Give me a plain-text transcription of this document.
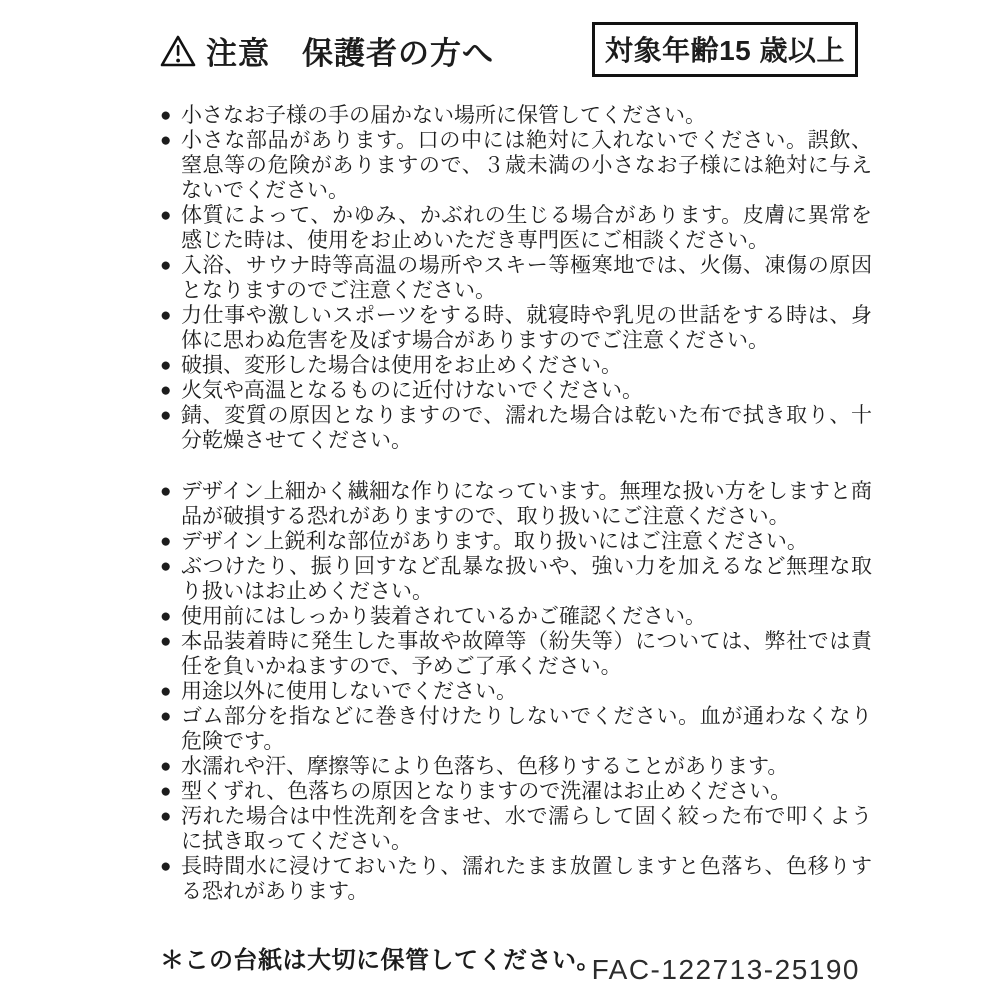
注意 保護者の方へ	対象年齢15 歳以上
● 小さなお子様の手の届かない場所に保管してください。
● 小さな部品があります。口の中には絶対に入れないでください。誤飲、窒息等の危険がありますので、３歳未満の小さなお子様には絶対に与えないでください。
● 体質によって、かゆみ、かぶれの生じる場合があります。皮膚に異常を感じた時は、使用をお止めいただき専門医にご相談ください。
● 入浴、サウナ時等高温の場所やスキー等極寒地では、火傷、凍傷の原因となりますのでご注意ください。
● 力仕事や激しいスポーツをする時、就寝時や乳児の世話をする時は、身体に思わぬ危害を及ぼす場合がありますのでご注意ください。
● 破損、変形した場合は使用をお止めください。
● 火気や高温となるものに近付けないでください。
● 錆、変質の原因となりますので、濡れた場合は乾いた布で拭き取り、十分乾燥させてください。
● デザイン上細かく繊細な作りになっています。無理な扱い方をしますと商品が破損する恐れがありますので、取り扱いにご注意ください。
● デザイン上鋭利な部位があります。取り扱いにはご注意ください。
● ぶつけたり、振り回すなど乱暴な扱いや、強い力を加えるなど無理な取り扱いはお止めください。
● 使用前にはしっかり装着されているかご確認ください。
● 本品装着時に発生した事故や故障等（紛失等）については、弊社では責任を負いかねますので、予めご了承ください。
● 用途以外に使用しないでください。
● ゴム部分を指などに巻き付けたりしないでください。血が通わなくなり危険です。
● 水濡れや汗、摩擦等により色落ち、色移りすることがあります。
● 型くずれ、色落ちの原因となりますので洗濯はお止めください。
● 汚れた場合は中性洗剤を含ませ、水で濡らして固く絞った布で叩くように拭き取ってください。
● 長時間水に浸けておいたり、濡れたまま放置しますと色落ち、色移りする恐れがあります。
＊この台紙は大切に保管してください。
FAC-122713-25190
